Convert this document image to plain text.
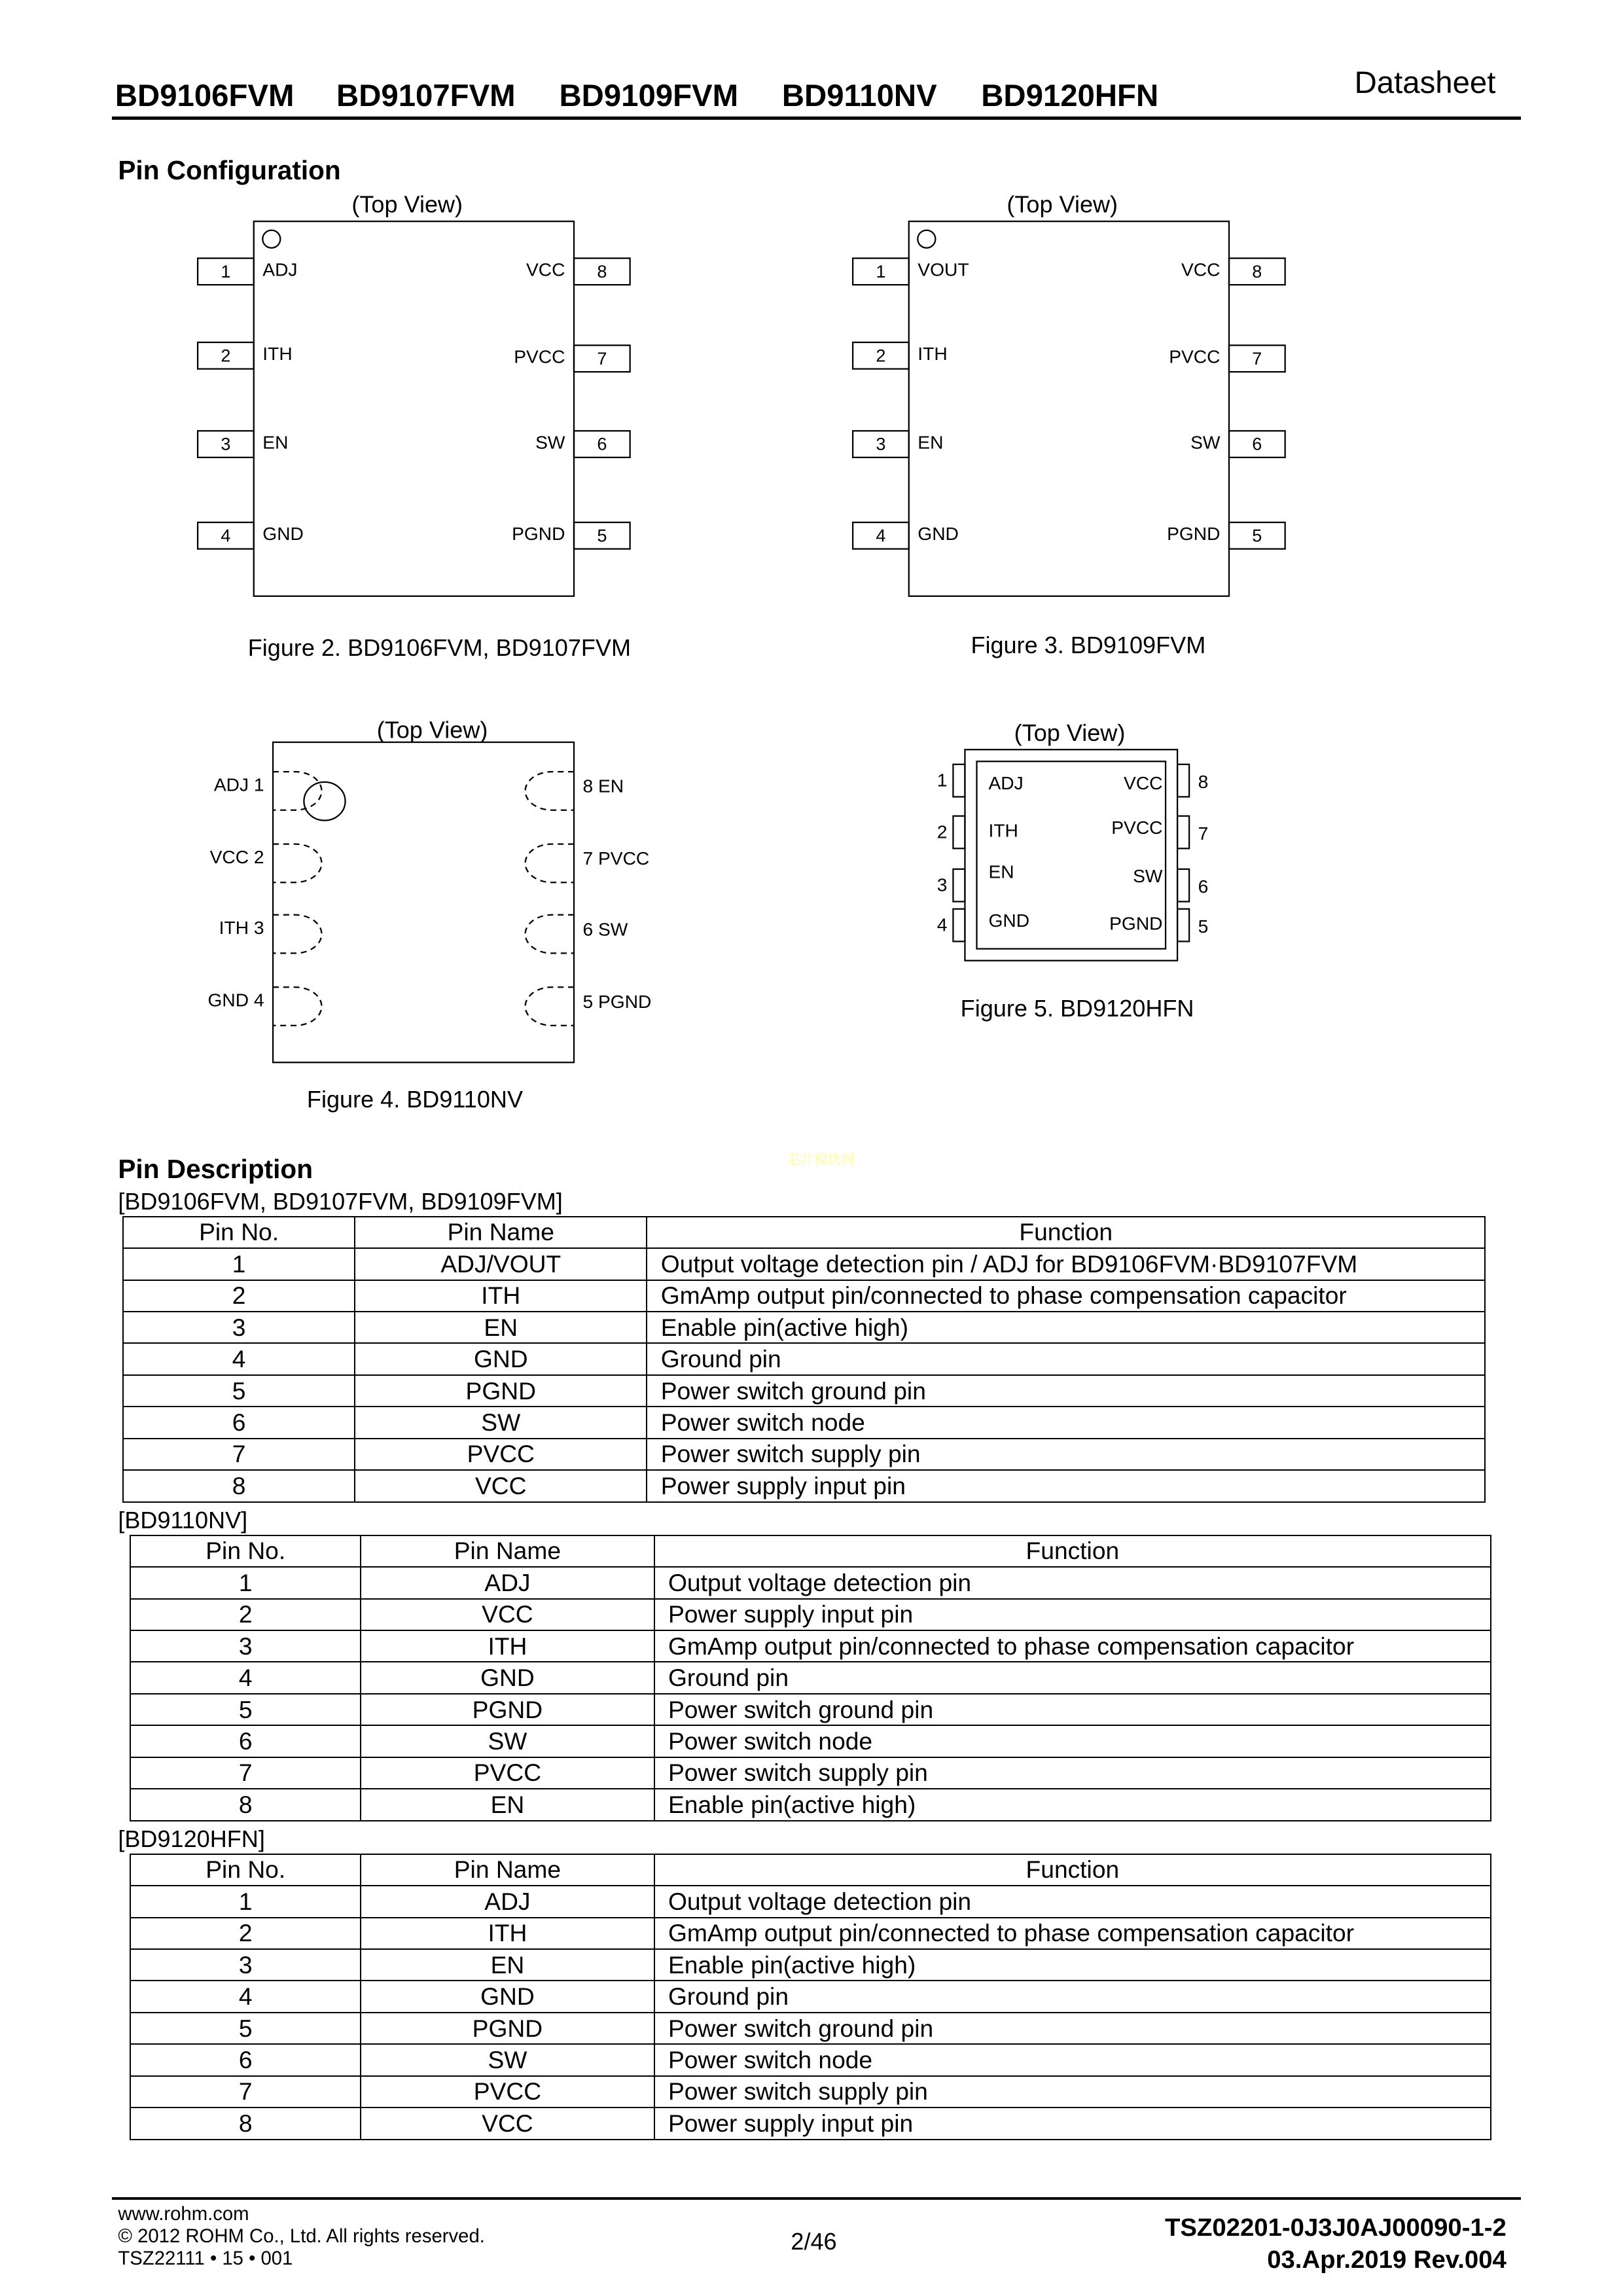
BD9106FVM	BD9107FVM	BD9109FVM	BD9110NV	BD9120HFN	Datasheet
Pin Configuration
(Top View)
1	ADJ	8
VCC
2	ITH	7
PVCC
3	EN	6
SW
4	GND	5
PGND
(Top View)
1	VOUT	8
VCC
2	ITH	7
PVCC
3	EN	6
SW
4	GND	5
PGND
(Top View)
ADJ 1	8 EN
VCC 2	7 PVCC
ITH 3	6 SW
GND 4	5 PGND
(Top View)
1	ADJ	8
VCC
2	ITH	7
PVCC
3
EN
6
SW
4	GND	5
PGND
Figure 2. BD9106FVM, BD9107FVM	Figure 3. BD9109FVM
Figure 4. BD9110NV
Figure 5. BD9120HFN
芯片模块网
Pin Description
[BD9106FVM, BD9107FVM, BD9109FVM]
Pin No.	Pin Name	Function
1	ADJ/VOUT	Output voltage detection pin / ADJ for BD9106FVM·BD9107FVM
2	ITH	GmAmp output pin/connected to phase compensation capacitor
3	EN	Enable pin(active high)
4	GND	Ground pin
5	PGND	Power switch ground pin
6	SW	Power switch node
7	PVCC	Power switch supply pin
8	VCC	Power supply input pin
[BD9110NV]
Pin No.	Pin Name	Function
1	ADJ	Output voltage detection pin
2	VCC	Power supply input pin
3	ITH	GmAmp output pin/connected to phase compensation capacitor
4	GND	Ground pin
5	PGND	Power switch ground pin
6	SW	Power switch node
7	PVCC	Power switch supply pin
8	EN	Enable pin(active high)
[BD9120HFN]
Pin No.	Pin Name	Function
1	ADJ	Output voltage detection pin
2	ITH	GmAmp output pin/connected to phase compensation capacitor
3	EN	Enable pin(active high)
4	GND	Ground pin
5	PGND	Power switch ground pin
6	SW	Power switch node
7	PVCC	Power switch supply pin
8	VCC	Power supply input pin
www.rohm.com
© 2012 ROHM Co., Ltd. All rights reserved.
TSZ22111 • 15 • 001
2/46
TSZ02201-0J3J0AJ00090-1-2
03.Apr.2019 Rev.004
